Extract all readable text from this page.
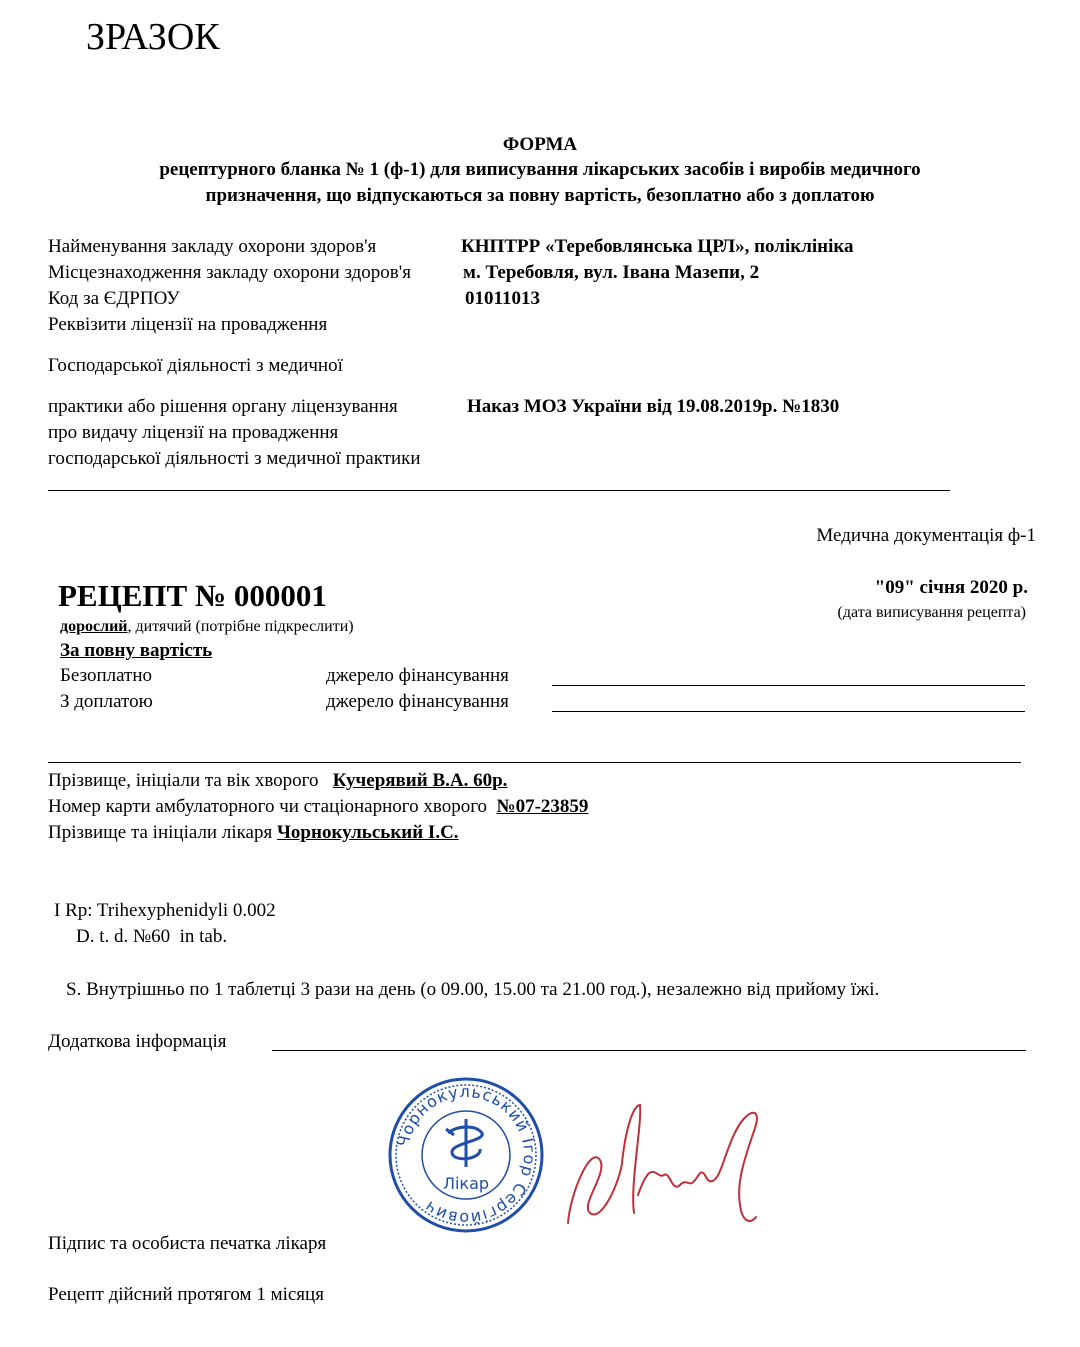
ЗРАЗОК
ФОРМА
рецептурного бланка № 1 (ф-1) для виписування лікарських засобів і виробів медичного
призначення, що відпускаються за повну вартість, безоплатно або з доплатою
Найменування закладу охорони здоров'я	КНПТРР «Теребовлянська ЦРЛ», поліклініка
Місцезнаходження закладу охорони здоров'я	м. Теребовля, вул. Івана Мазепи, 2
Код за ЄДРПОУ	01011013
Реквізити ліцензії на провадження
Господарської діяльності з медичної
практики або рішення органу ліцензування	Наказ МОЗ України від 19.08.2019р. №1830
про видачу ліцензії на провадження
господарської діяльності з медичної практики
Медична документація ф-1
РЕЦЕПТ № 000001	"09" січня 2020 р.
(дата виписування рецепта)
дорослий, дитячий (потрібне підкреслити)
За повну вартість
Безоплатно	джерело фінансування
З доплатою	джерело фінансування
Прізвище, ініціали та вік хворого Кучерявий В.А. 60р.
Номер карти амбулаторного чи стаціонарного хворого №07-23859
Прізвище та ініціали лікаря Чорнокульський І.С.
I Rp: Trihexyphenidyli 0.002
D. t. d. №60  in tab.
S. Внутрішньо по 1 таблетці 3 рази на день (о 09.00, 15.00 та 21.00 год.), незалежно від прийому їжі.
Додаткова інформація
Чорнокульський Ігор Сергійович
Лікар
Підпис та особиста печатка лікаря
Рецепт дійсний протягом 1 місяця
